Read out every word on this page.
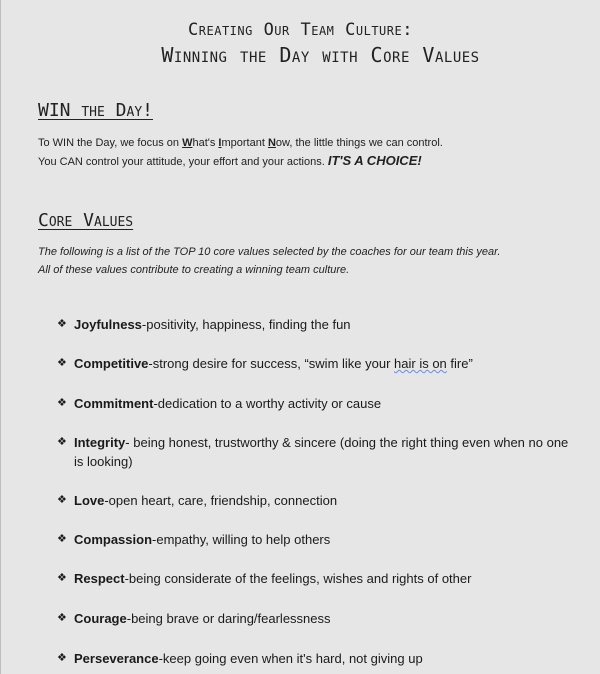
Creating Our Team Culture:
Winning the Day with Core Values
WIN the Day!
To WIN the Day, we focus on What's Important Now, the little things we can control.
You CAN control your attitude, your effort and your actions. IT'S A CHOICE!
Core Values
The following is a list of the TOP 10 core values selected by the coaches for our team this year.
All of these values contribute to creating a winning team culture.
❖ Joyfulness-positivity, happiness, finding the fun
❖ Competitive-strong desire for success, “swim like your hair is on fire”
❖ Commitment-dedication to a worthy activity or cause
❖ Integrity- being honest, trustworthy & sincere (doing the right thing even when no one is looking)
❖ Love-open heart, care, friendship, connection
❖ Compassion-empathy, willing to help others
❖ Respect-being considerate of the feelings, wishes and rights of other
❖ Courage-being brave or daring/fearlessness
❖ Perseverance-keep going even when it's hard, not giving up
